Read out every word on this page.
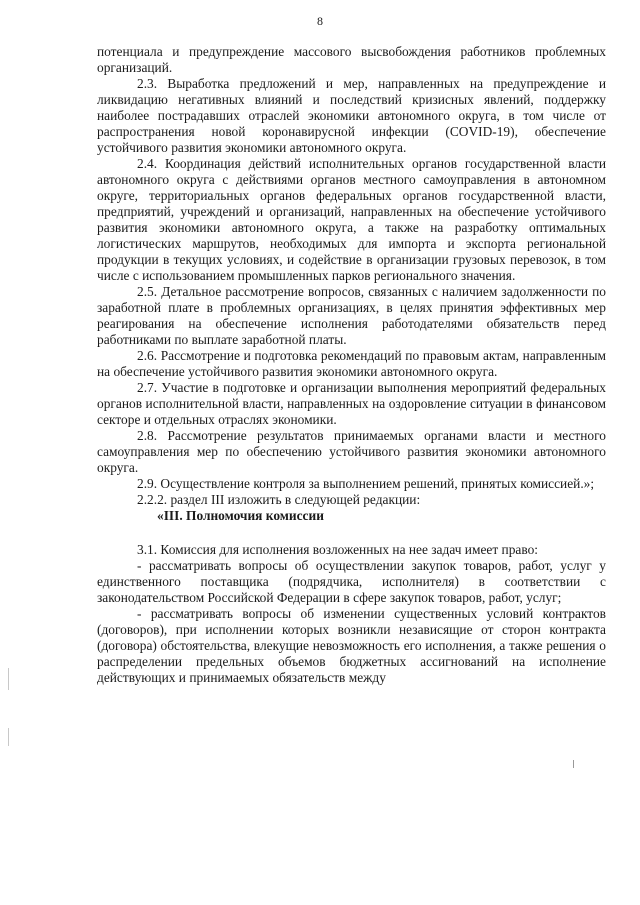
8

потенциала и предупреждение массового высвобождения работников проблемных организаций.

2.3. Выработка предложений и мер, направленных на предупреждение и ликвидацию негативных влияний и последствий кризисных явлений, поддержку наиболее пострадавших отраслей экономики автономного округа, в том числе от распространения новой коронавирусной инфекции (COVID-19), обеспечение устойчивого развития экономики автономного округа.

2.4. Координация действий исполнительных органов государственной власти автономного округа с действиями органов местного самоуправления в автономном округе, территориальных органов федеральных органов государственной власти, предприятий, учреждений и организаций, направленных на обеспечение устойчивого развития экономики автономного округа, а также на разработку оптимальных логистических маршрутов, необходимых для импорта и экспорта региональной продукции в текущих условиях, и содействие в организации грузовых перевозок, в том числе с использованием промышленных парков регионального значения.

2.5. Детальное рассмотрение вопросов, связанных с наличием задолженности по заработной плате в проблемных организациях, в целях принятия эффективных мер реагирования на обеспечение исполнения работодателями обязательств перед работниками по выплате заработной платы.

2.6. Рассмотрение и подготовка рекомендаций по правовым актам, направленным на обеспечение устойчивого развития экономики автономного округа.

2.7. Участие в подготовке и организации выполнения мероприятий федеральных органов исполнительной власти, направленных на оздоровление ситуации в финансовом секторе и отдельных отраслях экономики.

2.8. Рассмотрение результатов принимаемых органами власти и местного самоуправления мер по обеспечению устойчивого развития экономики автономного округа.

2.9. Осуществление контроля за выполнением решений, принятых комиссией.»;

2.2.2. раздел III изложить в следующей редакции:

«III. Полномочия комиссии

3.1. Комиссия для исполнения возложенных на нее задач имеет право:

- рассматривать вопросы об осуществлении закупок товаров, работ, услуг у единственного поставщика (подрядчика, исполнителя) в соответствии с законодательством Российской Федерации в сфере закупок товаров, работ, услуг;

- рассматривать вопросы об изменении существенных условий контрактов (договоров), при исполнении которых возникли независящие от сторон контракта (договора) обстоятельства, влекущие невозможность его исполнения, а также решения о распределении предельных объемов бюджетных ассигнований на исполнение действующих и принимаемых обязательств между
